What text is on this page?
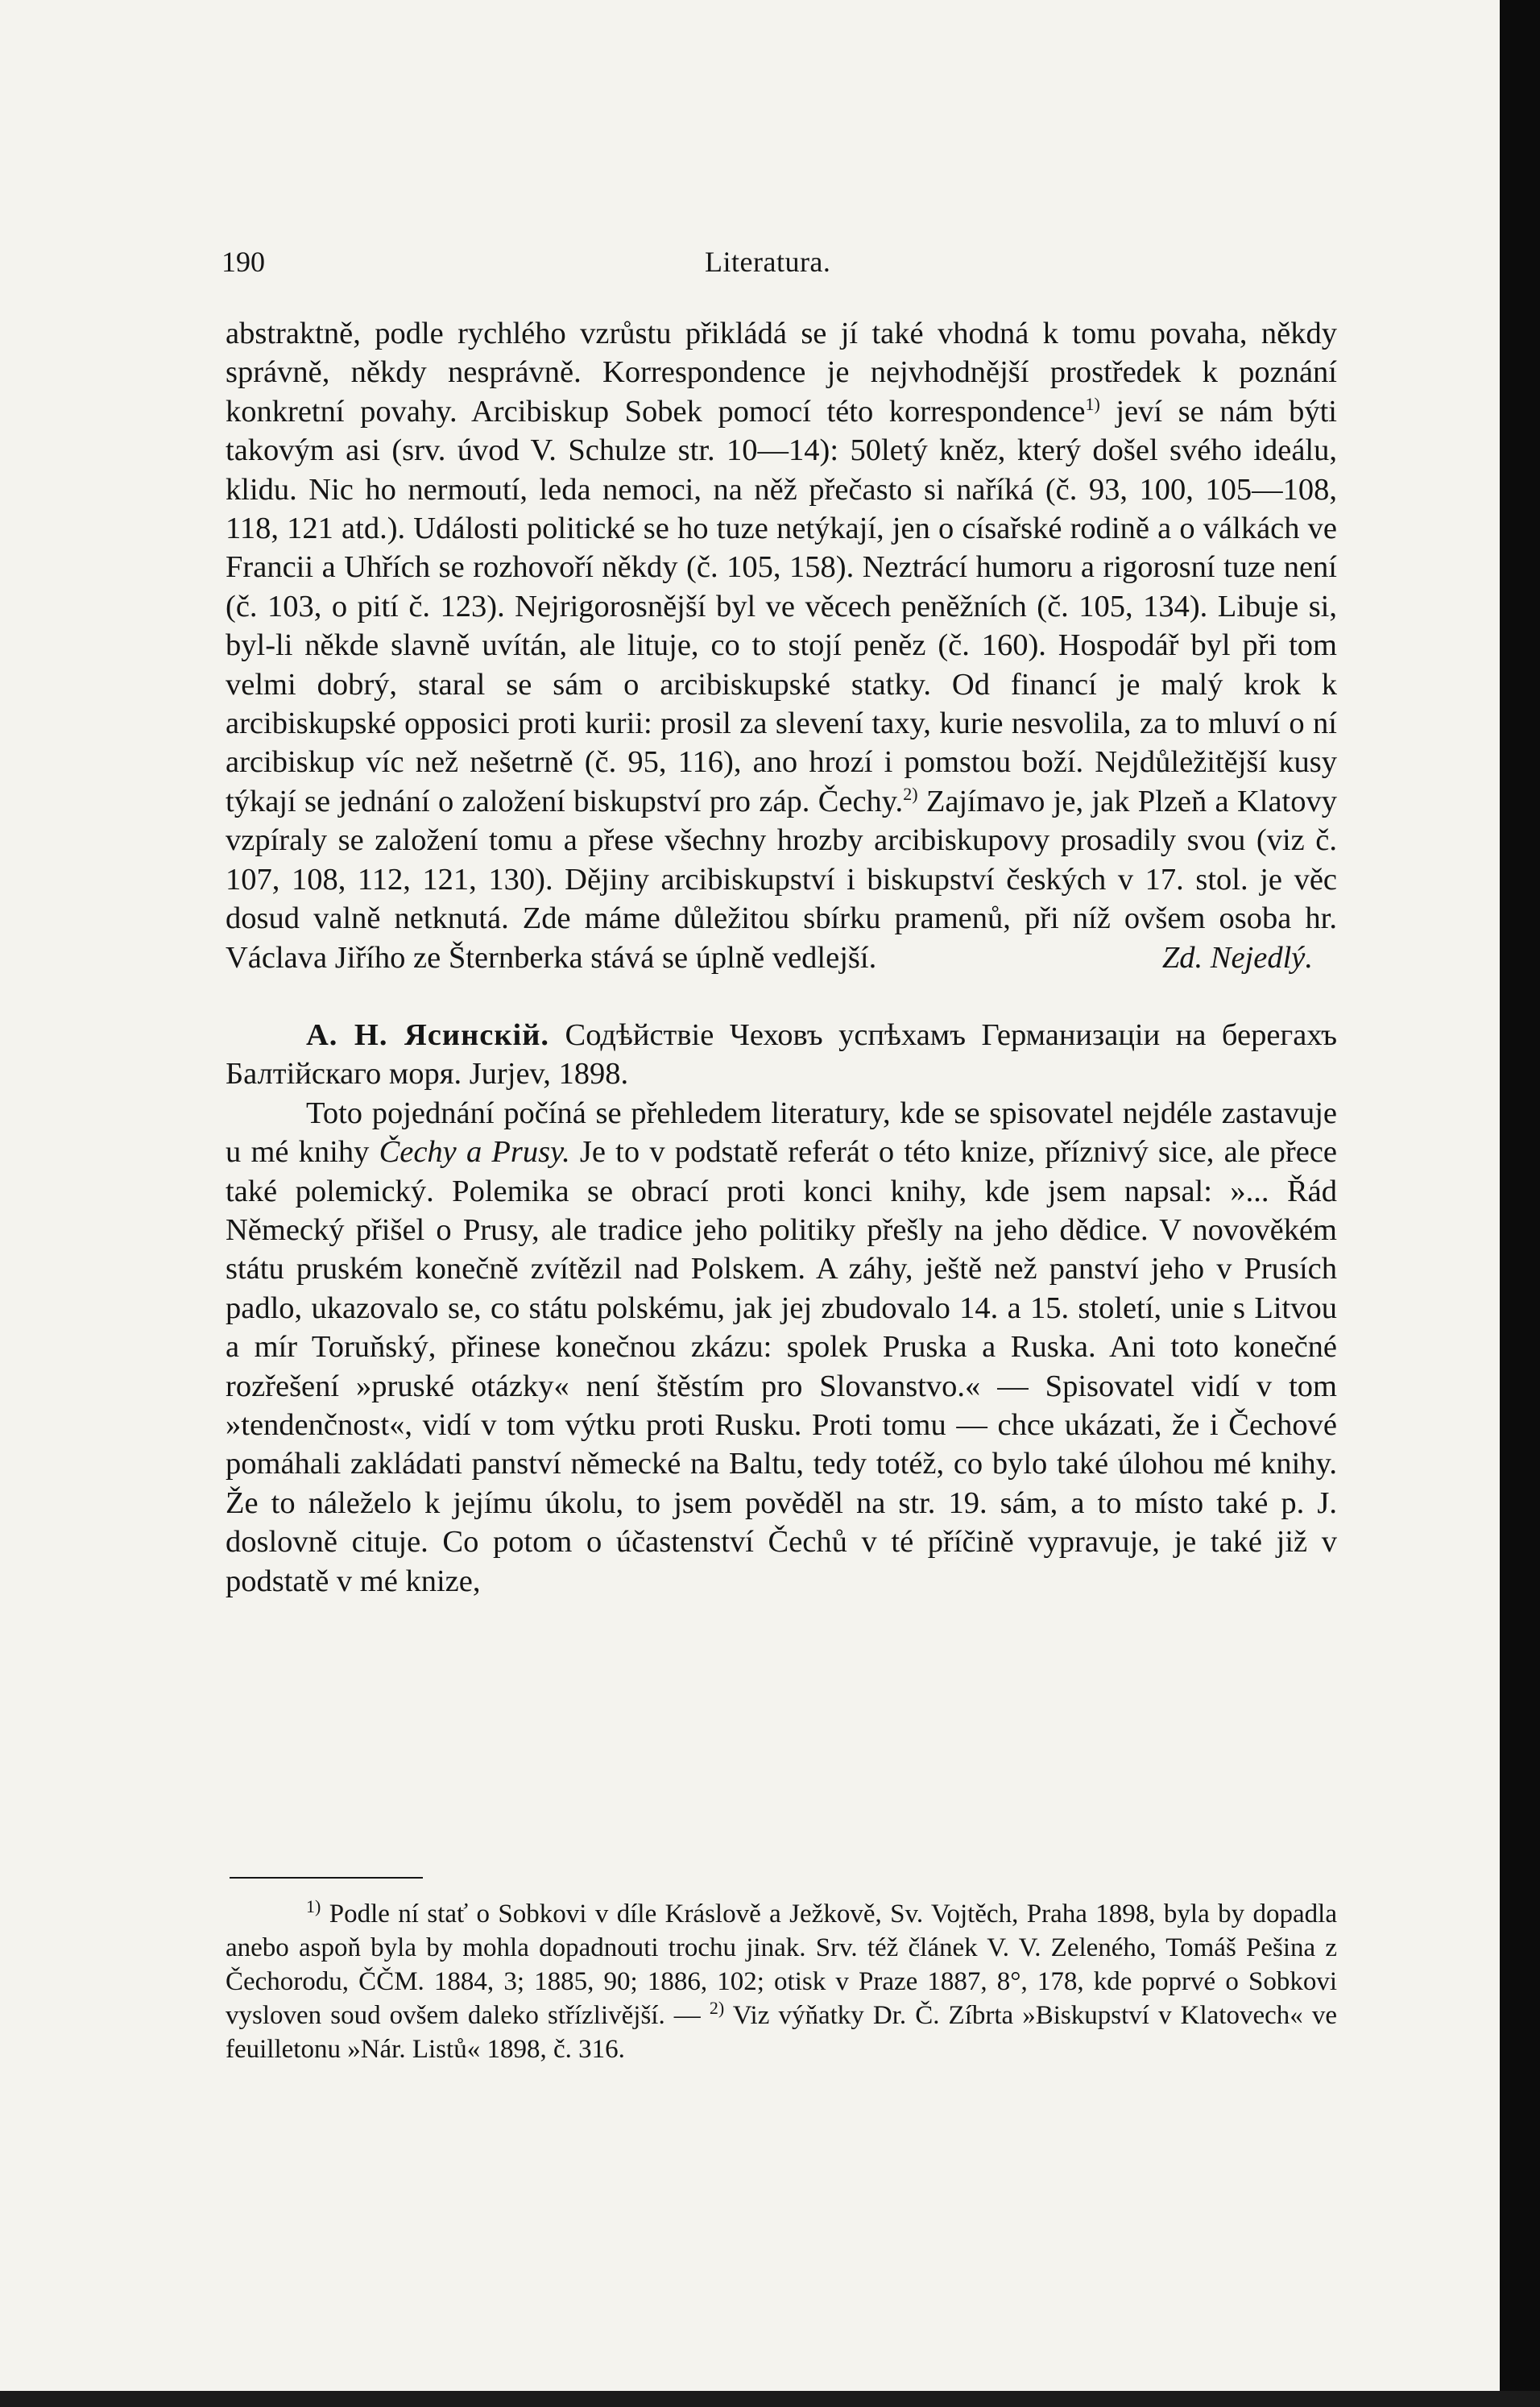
190	Literatura.

abstraktně, podle rychlého vzrůstu přikládá se jí také vhodná k tomu povaha, někdy správně, někdy nesprávně. Korrespondence je nejvhodnější prostředek k poznání konkretní povahy. Arcibiskup Sobek pomocí této korrespondence$^{1)}$ jeví se nám býti takovým asi (srv. úvod V. Schulze str. 10—14): 50letý kněz, který došel svého ideálu, klidu. Nic ho nermoutí, leda nemoci, na něž přečasto si naříká (č. 93, 100, 105—108, 118, 121 atd.). Události politické se ho tuze netýkají, jen o císařské rodině a o válkách ve Francii a Uhřích se rozhovoří někdy (č. 105, 158). Neztrácí humoru a rigorosní tuze není (č. 103, o pití č. 123). Nejrigorosnější byl ve věcech peněžních (č. 105, 134). Libuje si, byl-li někde slavně uvítán, ale lituje, co to stojí peněz (č. 160). Hospodář byl při tom velmi dobrý, staral se sám o arcibiskupské statky. Od financí je malý krok k arcibiskupské opposici proti kurii: prosil za slevení taxy, kurie nesvolila, za to mluví o ní arcibiskup víc než nešetrně (č. 95, 116), ano hrozí i pomstou boží. Nejdůležitější kusy týkají se jednání o založení biskupství pro záp. Čechy.$^{2)}$ Zajímavo je, jak Plzeň a Klatovy vzpíraly se založení tomu a přese všechny hrozby arcibiskupovy prosadily svou (viz č. 107, 108, 112, 121, 130). Dějiny arcibiskupství i biskupství českých v 17. stol. je věc dosud valně netknutá. Zde máme důležitou sbírku pramenů, při níž ovšem osoba hr. Václava Jiřího ze Šternberka stává se úplně vedlejší.	Zd. Nejedlý.

А. Н. Ясинскій. Содѣйствіе Чеховъ успѣхамъ Германизаціи на берегахъ Балтійскаго моря. Jurjev, 1898.

Toto pojednání počíná se přehledem literatury, kde se spisovatel nejdéle zastavuje u mé knihy Čechy a Prusy. Je to v podstatě referát o této knize, příznivý sice, ale přece také polemický. Polemika se obrací proti konci knihy, kde jsem napsal: »... Řád Německý přišel o Prusy, ale tradice jeho politiky přešly na jeho dědice. V novověkém státu pruském konečně zvítězil nad Polskem. A záhy, ještě než panství jeho v Prusích padlo, ukazovalo se, co státu polskému, jak jej zbudovalo 14. a 15. století, unie s Litvou a mír Toruňský, přinese konečnou zkázu: spolek Pruska a Ruska. Ani toto konečné rozřešení »pruské otázky« není štěstím pro Slovanstvo.« — Spisovatel vidí v tom »tendenčnost«, vidí v tom výtku proti Rusku. Proti tomu — chce ukázati, že i Čechové pomáhali zakládati panství německé na Baltu, tedy totéž, co bylo také úlohou mé knihy. Že to náleželo k jejímu úkolu, to jsem pověděl na str. 19. sám, a to místo také p. J. doslovně cituje. Co potom o účastenství Čechů v té příčině vypravuje, je také již v podstatě v mé knize,

$^{1)}$ Podle ní stať o Sobkovi v díle Kráslově a Ježkově, Sv. Vojtěch, Praha 1898, byla by dopadla anebo aspoň byla by mohla dopadnouti trochu jinak. Srv. též článek V. V. Zeleného, Tomáš Pešina z Čechorodu, ČČM. 1884, 3; 1885, 90; 1886, 102; otisk v Praze 1887, 8°, 178, kde poprvé o Sobkovi vysloven soud ovšem daleko střízlivější. — $^{2)}$ Viz výňatky Dr. Č. Zíbrta »Biskupství v Klatovech« ve feuilletonu »Nár. Listů« 1898, č. 316.
